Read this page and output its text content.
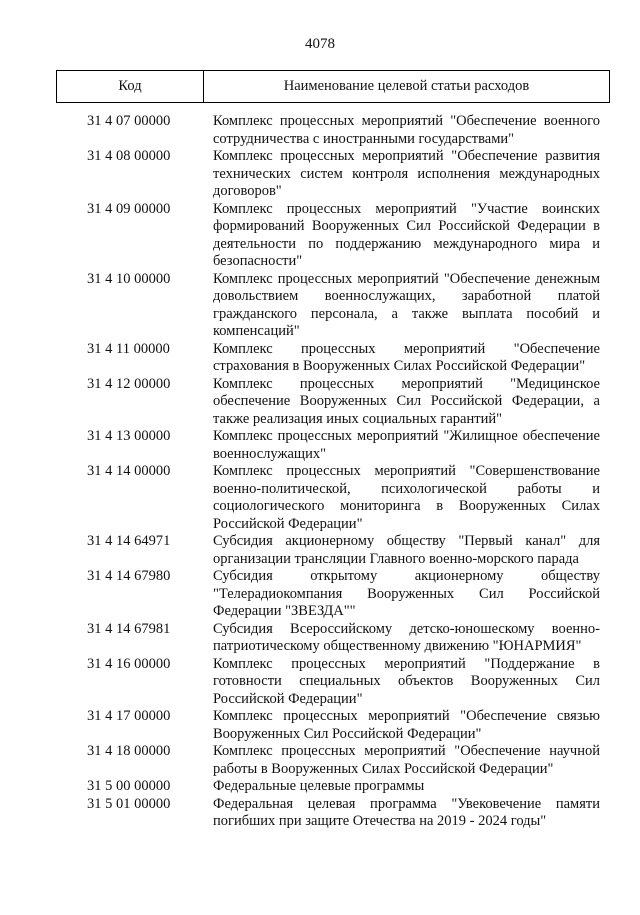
4078
Код	Наименование целевой статьи расходов
31 4 07 00000	Комплекс процессных мероприятий "Обеспечение военного сотрудничества с иностранными государствами"
31 4 08 00000	Комплекс процессных мероприятий "Обеспечение развития технических систем контроля исполнения международных договоров"
31 4 09 00000	Комплекс процессных мероприятий "Участие воинских формирований Вооруженных Сил Российской Федерации в деятельности по поддержанию международного мира и безопасности"
31 4 10 00000	Комплекс процессных мероприятий "Обеспечение денежным довольствием военнослужащих, заработной платой гражданского персонала, а также выплата пособий и компенсаций"
31 4 11 00000	Комплекс процессных мероприятий "Обеспечение страхования в Вооруженных Силах Российской Федерации"
31 4 12 00000	Комплекс процессных мероприятий "Медицинское обеспечение Вооруженных Сил Российской Федерации, а также реализация иных социальных гарантий"
31 4 13 00000	Комплекс процессных мероприятий "Жилищное обеспечение военнослужащих"
31 4 14 00000	Комплекс процессных мероприятий "Совершенствование военно-политической, психологической работы и социологического мониторинга в Вооруженных Силах Российской Федерации"
31 4 14 64971	Субсидия акционерному обществу "Первый канал" для организации трансляции Главного военно-морского парада
31 4 14 67980	Субсидия открытому акционерному обществу "Телерадиокомпания Вооруженных Сил Российской Федерации "ЗВЕЗДА""
31 4 14 67981	Субсидия Всероссийскому детско-юношескому военно-патриотическому общественному движению "ЮНАРМИЯ"
31 4 16 00000	Комплекс процессных мероприятий "Поддержание в готовности специальных объектов Вооруженных Сил Российской Федерации"
31 4 17 00000	Комплекс процессных мероприятий "Обеспечение связью Вооруженных Сил Российской Федерации"
31 4 18 00000	Комплекс процессных мероприятий "Обеспечение научной работы в Вооруженных Силах Российской Федерации"
31 5 00 00000	Федеральные целевые программы
31 5 01 00000	Федеральная целевая программа "Увековечение памяти погибших при защите Отечества на 2019 - 2024 годы"
